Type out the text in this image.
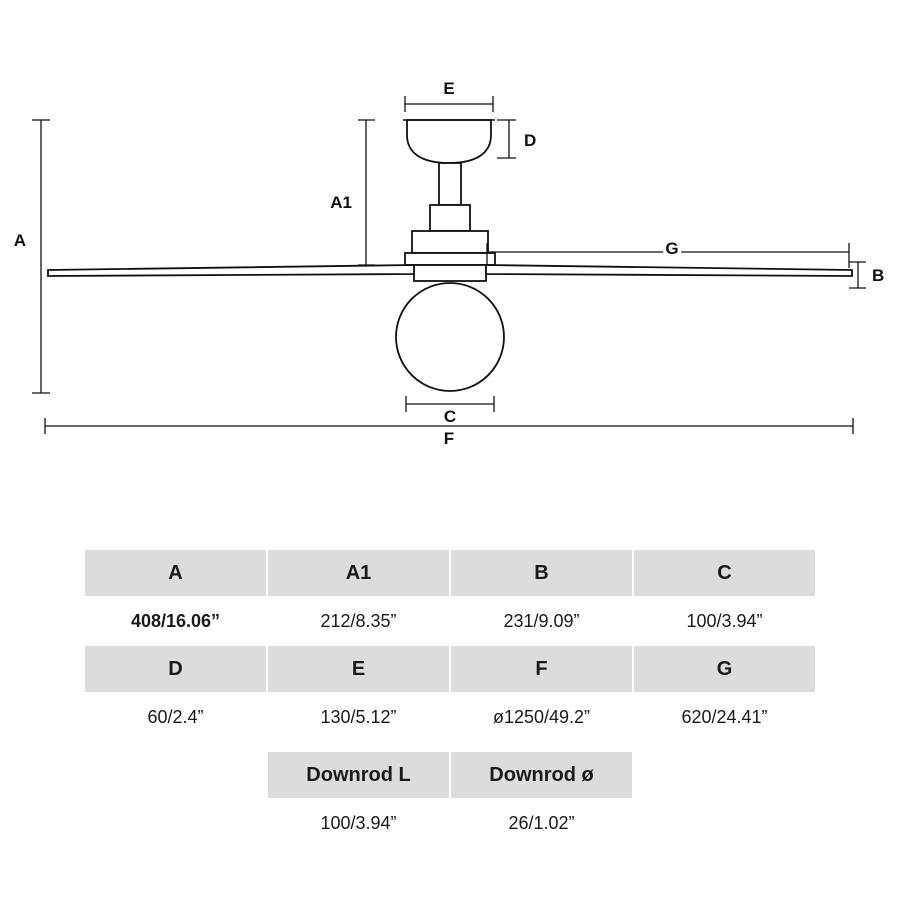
E
D
A1
A	G
B
C
F
A	A1	B	C
408/16.06”	212/8.35”	231/9.09”	100/3.94”
D	E	F	G
60/2.4”	130/5.12”	ø1250/49.2”	620/24.41”
Downrod L	Downrod ø
100/3.94”	26/1.02”
